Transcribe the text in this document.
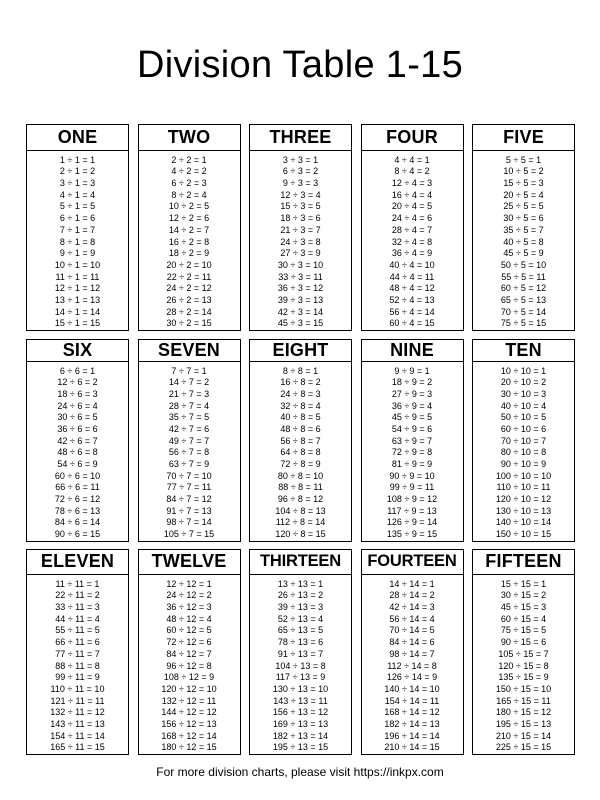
Division Table 1-15
ONE
1 ÷ 1 = 1
2 ÷ 1 = 2
3 ÷ 1 = 3
4 ÷ 1 = 4
5 ÷ 1 = 5
6 ÷ 1 = 6
7 ÷ 1 = 7
8 ÷ 1 = 8
9 ÷ 1 = 9
10 ÷ 1 = 10
11 ÷ 1 = 11
12 ÷ 1 = 12
13 ÷ 1 = 13
14 ÷ 1 = 14
15 ÷ 1 = 15
TWO
2 ÷ 2 = 1
4 ÷ 2 = 2
6 ÷ 2 = 3
8 ÷ 2 = 4
10 ÷ 2 = 5
12 ÷ 2 = 6
14 ÷ 2 = 7
16 ÷ 2 = 8
18 ÷ 2 = 9
20 ÷ 2 = 10
22 ÷ 2 = 11
24 ÷ 2 = 12
26 ÷ 2 = 13
28 ÷ 2 = 14
30 ÷ 2 = 15
THREE
3 ÷ 3 = 1
6 ÷ 3 = 2
9 ÷ 3 = 3
12 ÷ 3 = 4
15 ÷ 3 = 5
18 ÷ 3 = 6
21 ÷ 3 = 7
24 ÷ 3 = 8
27 ÷ 3 = 9
30 ÷ 3 = 10
33 ÷ 3 = 11
36 ÷ 3 = 12
39 ÷ 3 = 13
42 ÷ 3 = 14
45 ÷ 3 = 15
FOUR
4 ÷ 4 = 1
8 ÷ 4 = 2
12 ÷ 4 = 3
16 ÷ 4 = 4
20 ÷ 4 = 5
24 ÷ 4 = 6
28 ÷ 4 = 7
32 ÷ 4 = 8
36 ÷ 4 = 9
40 ÷ 4 = 10
44 ÷ 4 = 11
48 ÷ 4 = 12
52 ÷ 4 = 13
56 ÷ 4 = 14
60 ÷ 4 = 15
FIVE
5 ÷ 5 = 1
10 ÷ 5 = 2
15 ÷ 5 = 3
20 ÷ 5 = 4
25 ÷ 5 = 5
30 ÷ 5 = 6
35 ÷ 5 = 7
40 ÷ 5 = 8
45 ÷ 5 = 9
50 ÷ 5 = 10
55 ÷ 5 = 11
60 ÷ 5 = 12
65 ÷ 5 = 13
70 ÷ 5 = 14
75 ÷ 5 = 15
SIX
6 ÷ 6 = 1
12 ÷ 6 = 2
18 ÷ 6 = 3
24 ÷ 6 = 4
30 ÷ 6 = 5
36 ÷ 6 = 6
42 ÷ 6 = 7
48 ÷ 6 = 8
54 ÷ 6 = 9
60 ÷ 6 = 10
66 ÷ 6 = 11
72 ÷ 6 = 12
78 ÷ 6 = 13
84 ÷ 6 = 14
90 ÷ 6 = 15
SEVEN
7 ÷ 7 = 1
14 ÷ 7 = 2
21 ÷ 7 = 3
28 ÷ 7 = 4
35 ÷ 7 = 5
42 ÷ 7 = 6
49 ÷ 7 = 7
56 ÷ 7 = 8
63 ÷ 7 = 9
70 ÷ 7 = 10
77 ÷ 7 = 11
84 ÷ 7 = 12
91 ÷ 7 = 13
98 ÷ 7 = 14
105 ÷ 7 = 15
EIGHT
8 ÷ 8 = 1
16 ÷ 8 = 2
24 ÷ 8 = 3
32 ÷ 8 = 4
40 ÷ 8 = 5
48 ÷ 8 = 6
56 ÷ 8 = 7
64 ÷ 8 = 8
72 ÷ 8 = 9
80 ÷ 8 = 10
88 ÷ 8 = 11
96 ÷ 8 = 12
104 ÷ 8 = 13
112 ÷ 8 = 14
120 ÷ 8 = 15
NINE
9 ÷ 9 = 1
18 ÷ 9 = 2
27 ÷ 9 = 3
36 ÷ 9 = 4
45 ÷ 9 = 5
54 ÷ 9 = 6
63 ÷ 9 = 7
72 ÷ 9 = 8
81 ÷ 9 = 9
90 ÷ 9 = 10
99 ÷ 9 = 11
108 ÷ 9 = 12
117 ÷ 9 = 13
126 ÷ 9 = 14
135 ÷ 9 = 15
TEN
10 ÷ 10 = 1
20 ÷ 10 = 2
30 ÷ 10 = 3
40 ÷ 10 = 4
50 ÷ 10 = 5
60 ÷ 10 = 6
70 ÷ 10 = 7
80 ÷ 10 = 8
90 ÷ 10 = 9
100 ÷ 10 = 10
110 ÷ 10 = 11
120 ÷ 10 = 12
130 ÷ 10 = 13
140 ÷ 10 = 14
150 ÷ 10 = 15
ELEVEN
11 ÷ 11 = 1
22 ÷ 11 = 2
33 ÷ 11 = 3
44 ÷ 11 = 4
55 ÷ 11 = 5
66 ÷ 11 = 6
77 ÷ 11 = 7
88 ÷ 11 = 8
99 ÷ 11 = 9
110 ÷ 11 = 10
121 ÷ 11 = 11
132 ÷ 11 = 12
143 ÷ 11 = 13
154 ÷ 11 = 14
165 ÷ 11 = 15
TWELVE
12 ÷ 12 = 1
24 ÷ 12 = 2
36 ÷ 12 = 3
48 ÷ 12 = 4
60 ÷ 12 = 5
72 ÷ 12 = 6
84 ÷ 12 = 7
96 ÷ 12 = 8
108 ÷ 12 = 9
120 ÷ 12 = 10
132 ÷ 12 = 11
144 ÷ 12 = 12
156 ÷ 12 = 13
168 ÷ 12 = 14
180 ÷ 12 = 15
THIRTEEN
13 ÷ 13 = 1
26 ÷ 13 = 2
39 ÷ 13 = 3
52 ÷ 13 = 4
65 ÷ 13 = 5
78 ÷ 13 = 6
91 ÷ 13 = 7
104 ÷ 13 = 8
117 ÷ 13 = 9
130 ÷ 13 = 10
143 ÷ 13 = 11
156 ÷ 13 = 12
169 ÷ 13 = 13
182 ÷ 13 = 14
195 ÷ 13 = 15
FOURTEEN
14 ÷ 14 = 1
28 ÷ 14 = 2
42 ÷ 14 = 3
56 ÷ 14 = 4
70 ÷ 14 = 5
84 ÷ 14 = 6
98 ÷ 14 = 7
112 ÷ 14 = 8
126 ÷ 14 = 9
140 ÷ 14 = 10
154 ÷ 14 = 11
168 ÷ 14 = 12
182 ÷ 14 = 13
196 ÷ 14 = 14
210 ÷ 14 = 15
FIFTEEN
15 ÷ 15 = 1
30 ÷ 15 = 2
45 ÷ 15 = 3
60 ÷ 15 = 4
75 ÷ 15 = 5
90 ÷ 15 = 6
105 ÷ 15 = 7
120 ÷ 15 = 8
135 ÷ 15 = 9
150 ÷ 15 = 10
165 ÷ 15 = 11
180 ÷ 15 = 12
195 ÷ 15 = 13
210 ÷ 15 = 14
225 ÷ 15 = 15
For more division charts, please visit https://inkpx.com
